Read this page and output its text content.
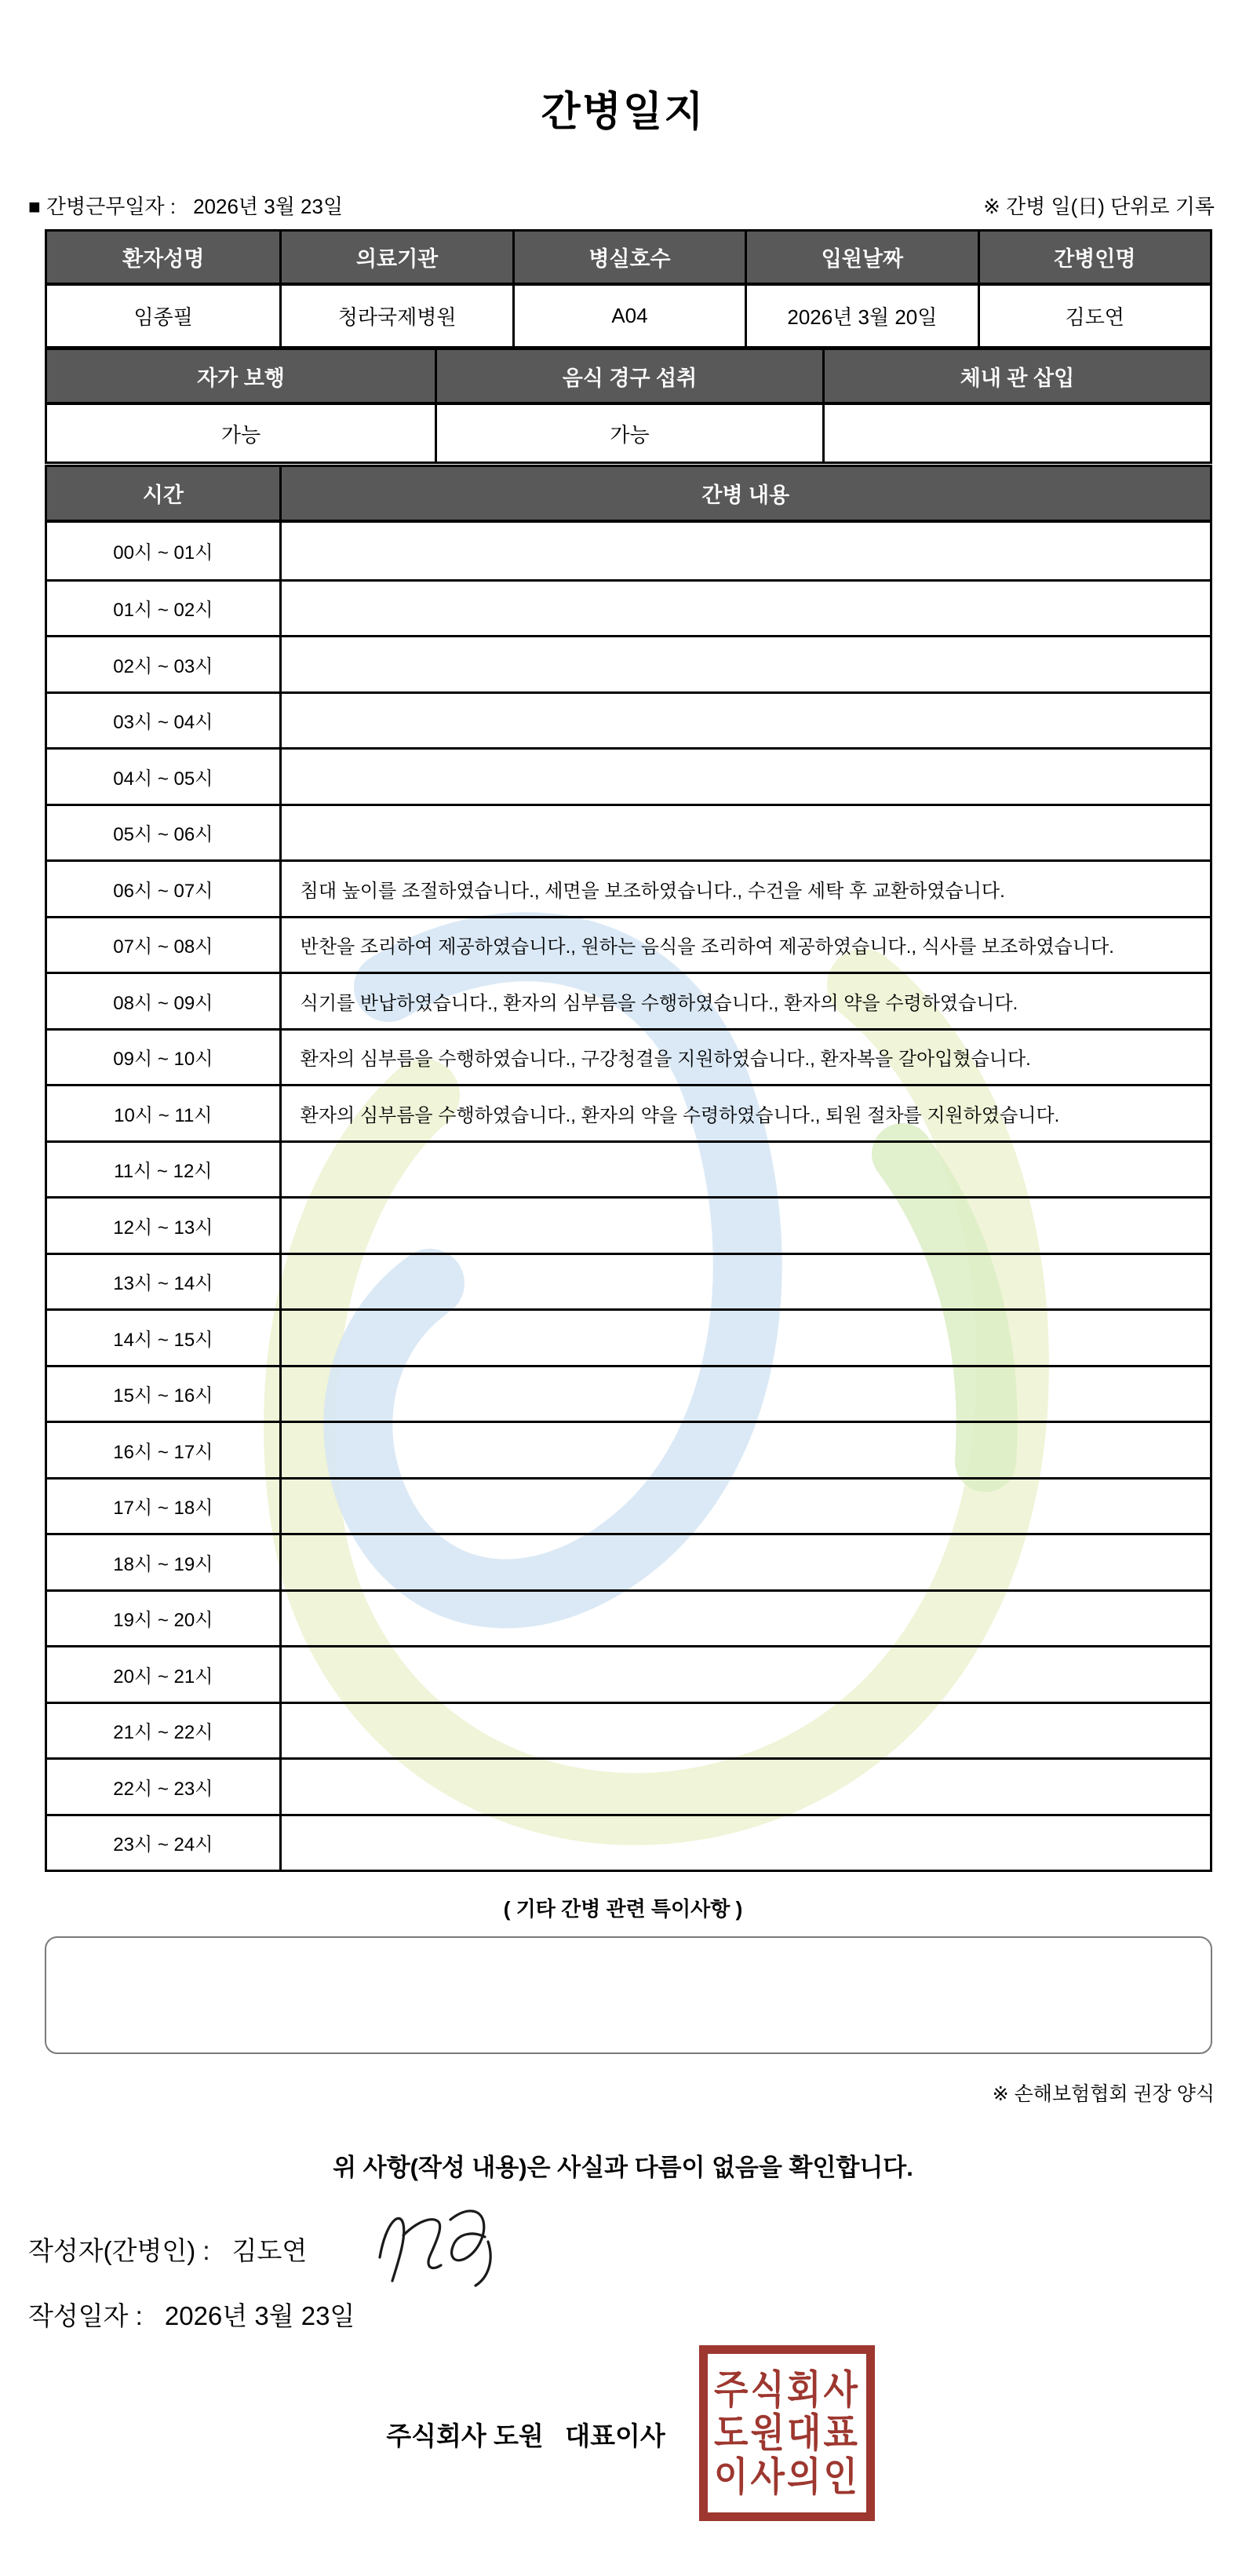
간병일지
■ 간병근무일자 : 2026년 3월 23일	※ 간병 일(日) 단위로 기록
환자성명	의료기관	병실호수	입원날짜	간병인명
임종필	청라국제병원	A04	2026년 3월 20일	김도연
자가 보행	음식 경구 섭취	체내 관 삽입
가능	가능
시간	간병 내용
00시 ~ 01시
01시 ~ 02시
02시 ~ 03시
03시 ~ 04시
04시 ~ 05시
05시 ~ 06시
06시 ~ 07시	침대 높이를 조절하였습니다., 세면을 보조하였습니다., 수건을 세탁 후 교환하였습니다.
07시 ~ 08시	반찬을 조리하여 제공하였습니다., 원하는 음식을 조리하여 제공하였습니다., 식사를 보조하였습니다.
08시 ~ 09시	식기를 반납하였습니다., 환자의 심부름을 수행하였습니다., 환자의 약을 수령하였습니다.
09시 ~ 10시	환자의 심부름을 수행하였습니다., 구강청결을 지원하였습니다., 환자복을 갈아입혔습니다.
10시 ~ 11시	환자의 심부름을 수행하였습니다., 환자의 약을 수령하였습니다., 퇴원 절차를 지원하였습니다.
11시 ~ 12시
12시 ~ 13시
13시 ~ 14시
14시 ~ 15시
15시 ~ 16시
16시 ~ 17시
17시 ~ 18시
18시 ~ 19시
19시 ~ 20시
20시 ~ 21시
21시 ~ 22시
22시 ~ 23시
23시 ~ 24시
( 기타 간병 관련 특이사항 )
※ 손해보험협회 권장 양식
위 사항(작성 내용)은 사실과 다름이 없음을 확인합니다.
작성자(간병인) : 김도연
작성일자 : 2026년 3월 23일
주식회사 도원   대표이사
주식회사
도원대표
이사의인
